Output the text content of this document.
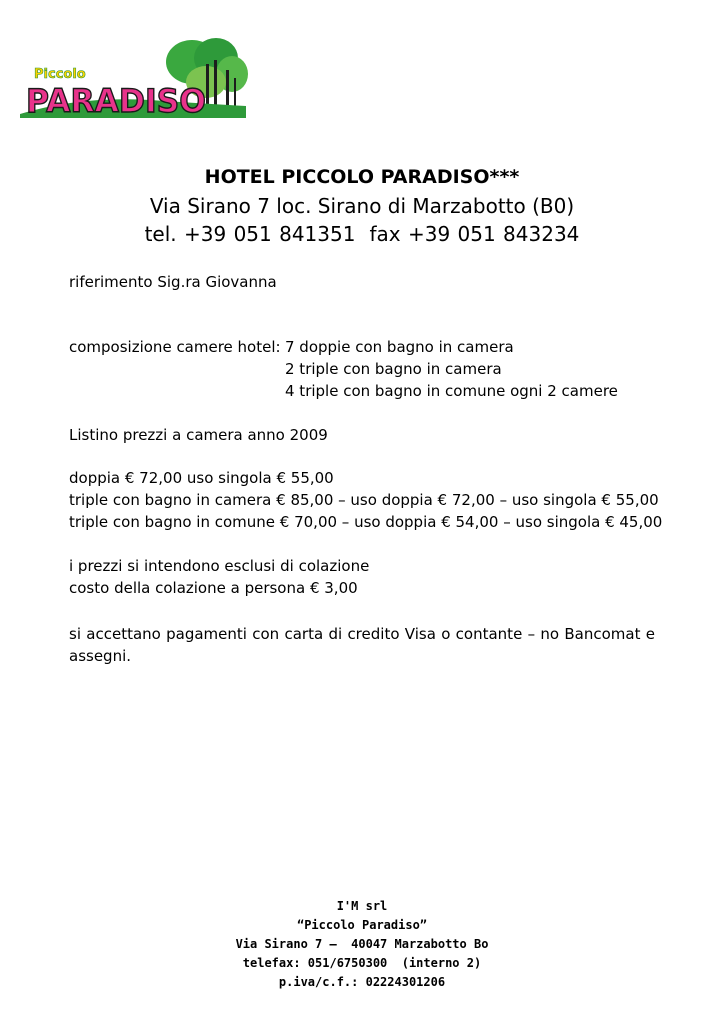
Piccolo
PARADISO
HOTEL PICCOLO PARADISO***
Via Sirano 7 loc. Sirano di Marzabotto (B0)
tel. +39 051 841351 fax +39 051 843234
riferimento Sig.ra Giovanna
composizione camere hotel: 7 doppie con bagno in camera
2 triple con bagno in camera
4 triple con bagno in comune ogni 2 camere
Listino prezzi a camera anno 2009
doppia € 72,00 uso singola € 55,00
triple con bagno in camera € 85,00 – uso doppia € 72,00 – uso singola € 55,00
triple con bagno in comune € 70,00 – uso doppia € 54,00 – uso singola € 45,00
i prezzi si intendono esclusi di colazione
costo della colazione a persona € 3,00
si accettano pagamenti con carta di credito Visa o contante – no Bancomat e assegni.
I'M srl
“Piccolo Paradiso”
Via Sirano 7 –  40047 Marzabotto Bo
telefax: 051/6750300  (interno 2)
p.iva/c.f.: 02224301206
